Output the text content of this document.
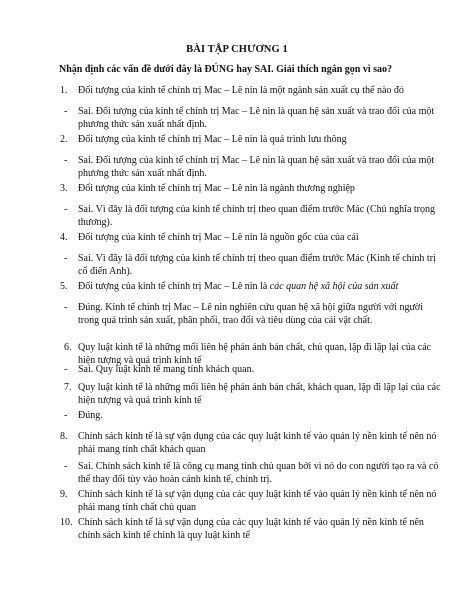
BÀI TẬP CHƯƠNG 1
Nhận định các vấn đề dưới đây là ĐÚNG hay SAI. Giải thích ngắn gọn vì sao?
1.	Đối tượng của kinh tế chính trị Mac – Lê nin là một ngành sản xuất cụ thể nào đó
-	Sai. Đối tượng của kinh tế chính trị Mac – Lê nin là quan hệ sản xuất và trao đổi của một phương thức sản xuất nhất định.
2.	Đối tượng của kinh tế chính trị Mac – Lê nin là quá trình lưu thông
-	Sai. Đối tượng của kinh tế chính trị Mac – Lê nin là quan hệ sản xuất và trao đổi của một phương thức sản xuất nhất định.
3.	Đối tượng của kinh tế chính trị Mac – Lê nin là ngành thương nghiệp
-	Sai. Vì đây là đối tượng của kinh tế chính trị theo quan điểm trước Mác (Chủ nghĩa trọng thương).
4.	Đối tượng của kinh tế chính trị Mac – Lê nin là nguồn gốc của của cải
-	Sai. Vì đây là đối tượng của kinh tế chính trị theo quan điểm trước Mác (Kinh tế chính trị cổ điển Anh).
5.	Đối tượng của kinh tế chính trị Mac – Lê nin là các quan hệ xã hội của sản xuất
-	Đúng. Kinh tế chính trị Mac – Lê nin nghiên cứu quan hệ xã hội giữa người với người trong quá trình sản xuất, phân phối, trao đổi và tiêu dùng của cải vật chất.
6. Quy luật kinh tế là những mối liên hệ phản ánh bản chất, chủ quan, lặp đi lặp lại của các hiện tượng và quá trình kinh tế
-	Sai. Quy luật kinh tế mang tính khách quan.
7. Quy luật kinh tế là những mối liên hệ phản ánh bản chất, khách quan, lặp đi lặp lại của các hiện tượng và quá trình kinh tế
-	Đúng.
8.	Chính sách kinh tế là sự vận dụng của các quy luật kinh tế vào quản lý nền kinh tế nên nó phải mang tính chất khách quan
-	Sai. Chính sách kinh tế là công cụ mang tính chủ quan bởi vì nó do con người tạo ra và có thể thay đổi tùy vào hoàn cảnh kinh tế, chính trị.
9.	Chính sách kinh tế là sự vận dụng của các quy luật kinh tế vào quản lý nền kinh tế nên nó phải mang tính chất chủ quan
10. Chính sách kinh tế là sự vận dụng của các quy luật kinh tế vào quản lý nền kinh tế nên chính sách kinh tế chính là quy luật kinh tế
